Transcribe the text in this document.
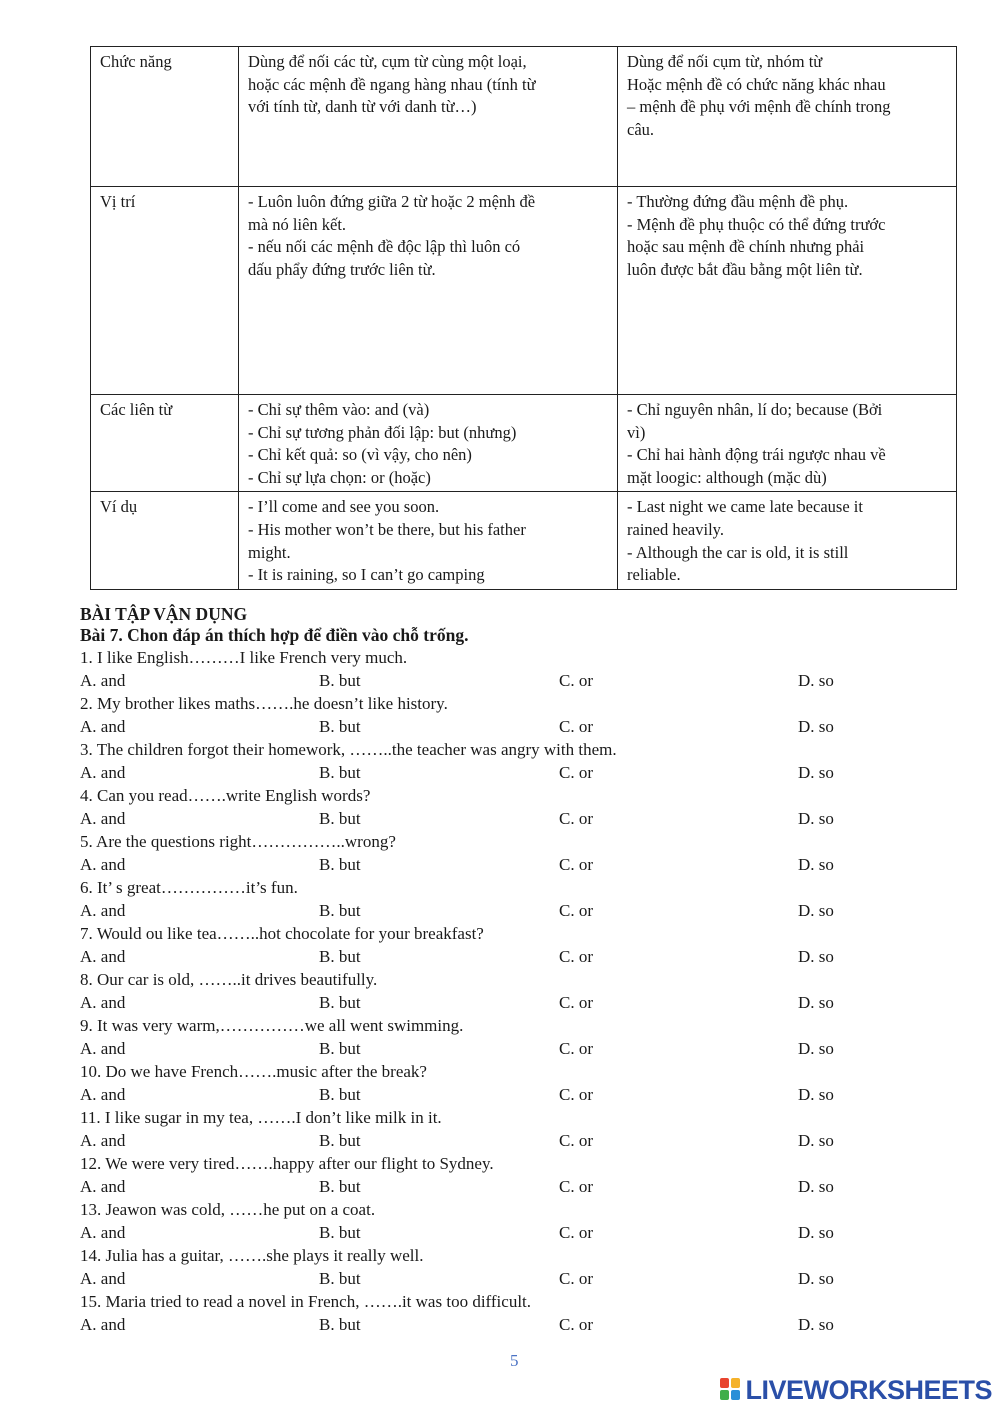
Chức năng	Dùng để nối các từ, cụm từ cùng một loại,
hoặc các mệnh đề ngang hàng nhau (tính từ
với tính từ, danh từ với danh từ…)	Dùng để nối cụm từ, nhóm từ
Hoặc mệnh đề có chức năng khác nhau
– mệnh đề phụ với mệnh đề chính trong
câu.

Vị trí	- Luôn luôn đứng giữa 2 từ hoặc 2 mệnh đề
mà nó liên kết.
- nếu nối các mệnh đề độc lập thì luôn có
dấu phẩy đứng trước liên từ.	- Thường đứng đầu mệnh đề phụ.
- Mệnh đề phụ thuộc có thể đứng trước
hoặc sau mệnh đề chính nhưng phải
luôn được bắt đầu bằng một liên từ.

Các liên từ	- Chỉ sự thêm vào: and (và)
- Chỉ sự tương phản đối lập: but (nhưng)
- Chỉ kết quả: so (vì vậy, cho nên)
- Chỉ sự lựa chọn: or (hoặc)	- Chỉ nguyên nhân, lí do; because (Bởi
vì)
- Chỉ hai hành động trái ngược nhau về
mặt loogic: although (mặc dù)

Ví dụ	- I’ll come and see you soon.
- His mother won’t be there, but his father
might.
- It is raining, so I can’t go camping	- Last night we came late because it
rained heavily.
- Although the car is old, it is still
reliable.
BÀI TẬP VẬN DỤNG
Bài 7. Chon đáp án thích hợp để điền vào chỗ trống.
1. I like English………I like French very much.
A. and	B. but	C. or	D. so
2. My brother likes maths…….he doesn’t like history.
A. and	B. but	C. or	D. so
3. The children forgot their homework, ……..the teacher was angry with them.
A. and	B. but	C. or	D. so
4. Can you read…….write English words?
A. and	B. but	C. or	D. so
5. Are the questions right……………..wrong?
A. and	B. but	C. or	D. so
6. It’ s great……………it’s fun.
A. and	B. but	C. or	D. so
7. Would ou like tea……..hot chocolate for your breakfast?
A. and	B. but	C. or	D. so
8. Our car is old, ……..it drives beautifully.
A. and	B. but	C. or	D. so
9. It was very warm,……………we all went swimming.
A. and	B. but	C. or	D. so
10. Do we have French…….music after the break?
A. and	B. but	C. or	D. so
11. I like sugar in my tea, …….I don’t like milk in it.
A. and	B. but	C. or	D. so
12. We were very tired…….happy after our flight to Sydney.
A. and	B. but	C. or	D. so
13. Jeawon was cold, ……he put on a coat.
A. and	B. but	C. or	D. so
14. Julia has a guitar, …….she plays it really well.
A. and	B. but	C. or	D. so
15. Maria tried to read a novel in French, …….it was too difficult.
A. and	B. but	C. or	D. so
5
LIVEWORKSHEETS
